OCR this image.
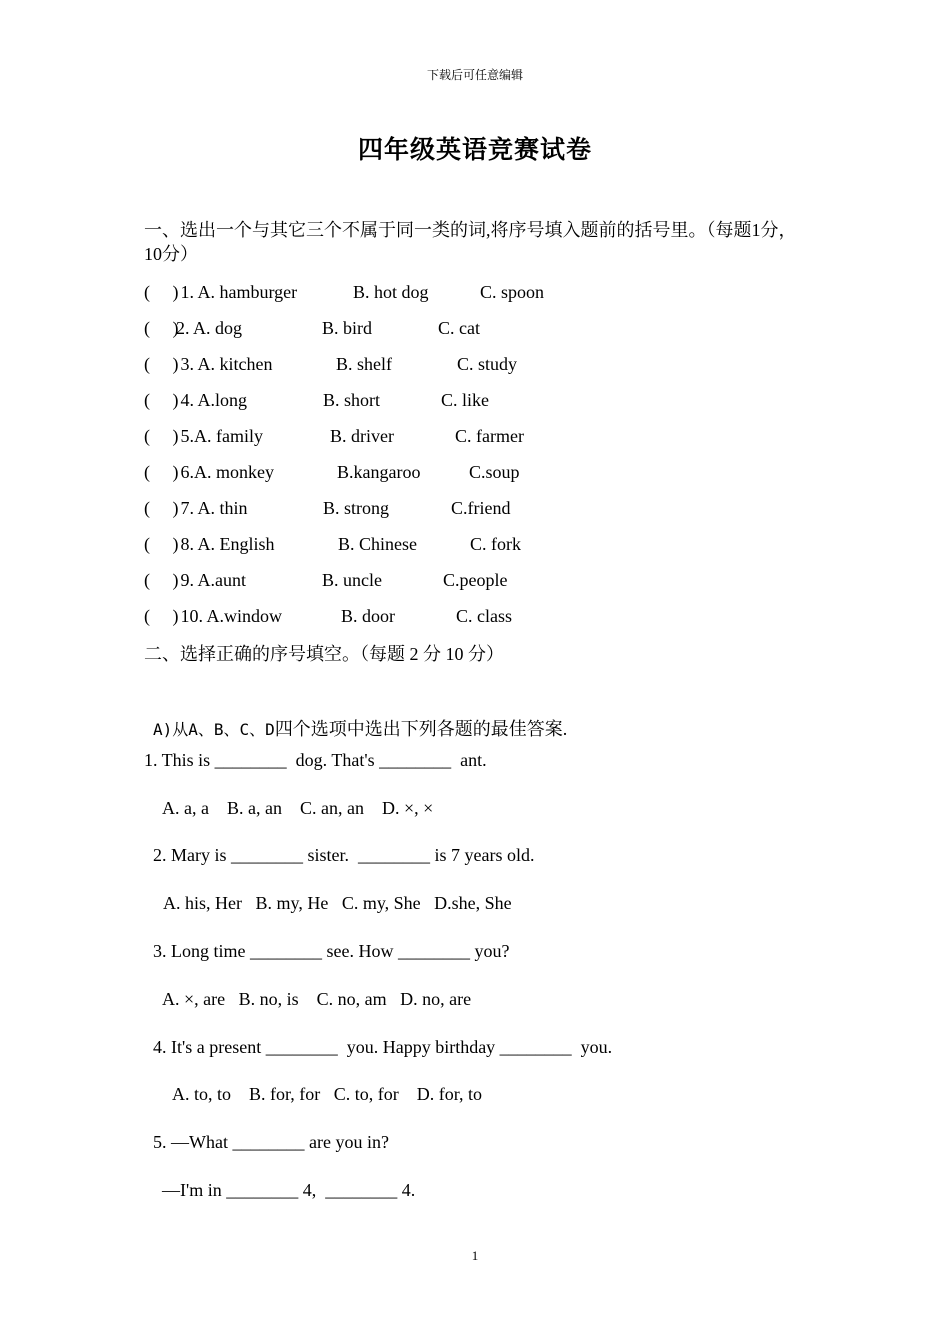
下载后可任意编辑
四年级英语竞赛试卷
一、选出一个与其它三个不属于同一类的词,将序号填入题前的括号里。（每题1分，10分）

(     )

1. A. hamburger

	B. hot dog

	C. spoon

(     )

2. A. dog

	B. bird

	C. cat

(     )

3. A. kitchen

	B. shelf

	C. study

(     )

4. A.long

	B. short

	C. like

(     )

5.A. family

	B. driver

	C. farmer

(     )

6.A. monkey

	B.kangaroo

	C.soup

(     )

7. A. thin

	B. strong

	C.friend

(     )

8. A. English

	B. Chinese

	C. fork

(     )

9. A.aunt

	B. uncle

	C.people

(     )

10. A.window

	B. door

	C. class

二、选择正确的序号填空。（每题 2 分 10 分）

A)从A、B、C、D四个选项中选出下列各题的最佳答案.

1. This is ________  dog. That's ________  ant.
A. a, a    B. a, an    C. an, an    D. ×, ×
2. Mary is ________ sister.  ________ is 7 years old.
A. his, Her   B. my, He   C. my, She   D.she, She
3. Long time ________ see. How ________ you?
A. ×, are   B. no, is    C. no, am   D. no, are
4. It's a present ________  you. Happy birthday ________  you.
A. to, to    B. for, for   C. to, for    D. for, to
5. —What ________ are you in?
—I'm in ________ 4,  ________ 4.
1
